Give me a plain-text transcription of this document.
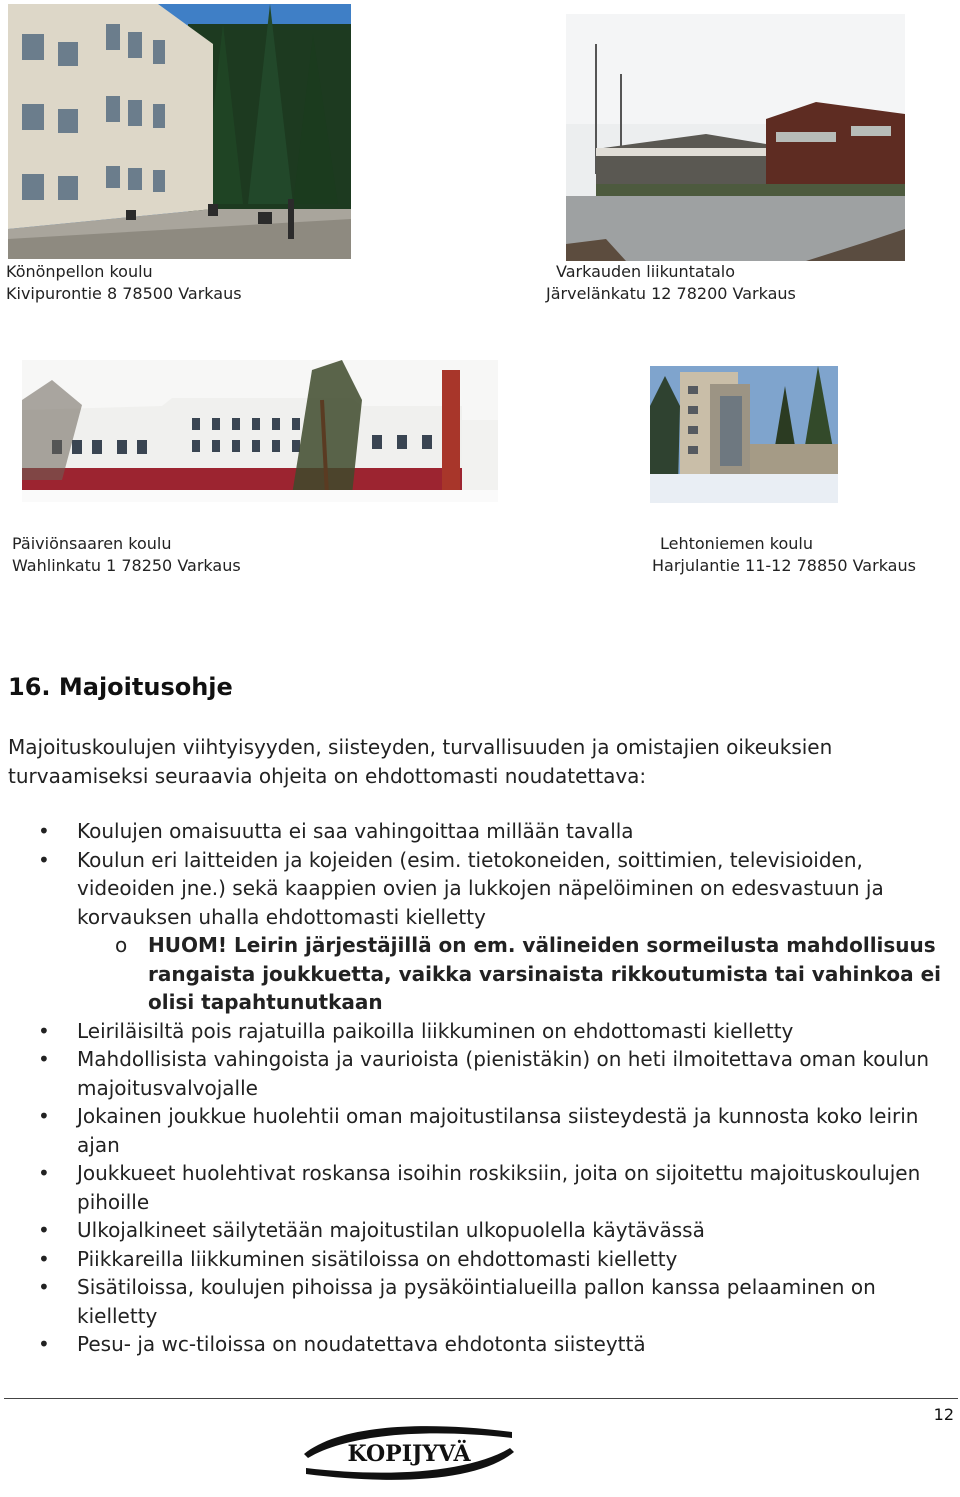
Könönpellon koulu
Kivipurontie 8 78500 Varkaus
Varkauden liikuntatalo
Järvelänkatu 12 78200 Varkaus
Päiviönsaaren koulu
Wahlinkatu 1 78250 Varkaus
Lehtoniemen koulu
Harjulantie 11-12 78850 Varkaus
16. Majoitusohje
Majoituskoulujen viihtyisyyden, siisteyden, turvallisuuden ja omistajien oikeuksien turvaamiseksi seuraavia ohjeita on ehdottomasti noudatettava:
• Koulujen omaisuutta ei saa vahingoittaa millään tavalla
• Koulun eri laitteiden ja kojeiden (esim. tietokoneiden, soittimien, televisioiden, videoiden jne.) sekä kaappien ovien ja lukkojen näpelöiminen on edesvastuun ja korvauksen uhalla ehdottomasti kielletty
o HUOM! Leirin järjestäjillä on em. välineiden sormeilusta mahdollisuus rangaista joukkuetta, vaikka varsinaista rikkoutumista tai vahinkoa ei olisi tapahtunutkaan
• Leiriläisiltä pois rajatuilla paikoilla liikkuminen on ehdottomasti kielletty
• Mahdollisista vahingoista ja vaurioista (pienistäkin) on heti ilmoitettava oman koulun majoitusvalvojalle
• Jokainen joukkue huolehtii oman majoitustilansa siisteydestä ja kunnosta koko leirin ajan
• Joukkueet huolehtivat roskansa isoihin roskiksiin, joita on sijoitettu majoituskoulujen pihoille
• Ulkojalkineet säilytetään majoitustilan ulkopuolella käytävässä
• Piikkareilla liikkuminen sisätiloissa on ehdottomasti kielletty
• Sisätiloissa, koulujen pihoissa ja pysäköintialueilla pallon kanssa pelaaminen on kielletty
• Pesu- ja wc-tiloissa on noudatettava ehdotonta siisteyttä
12
KOPIJYVÄ
